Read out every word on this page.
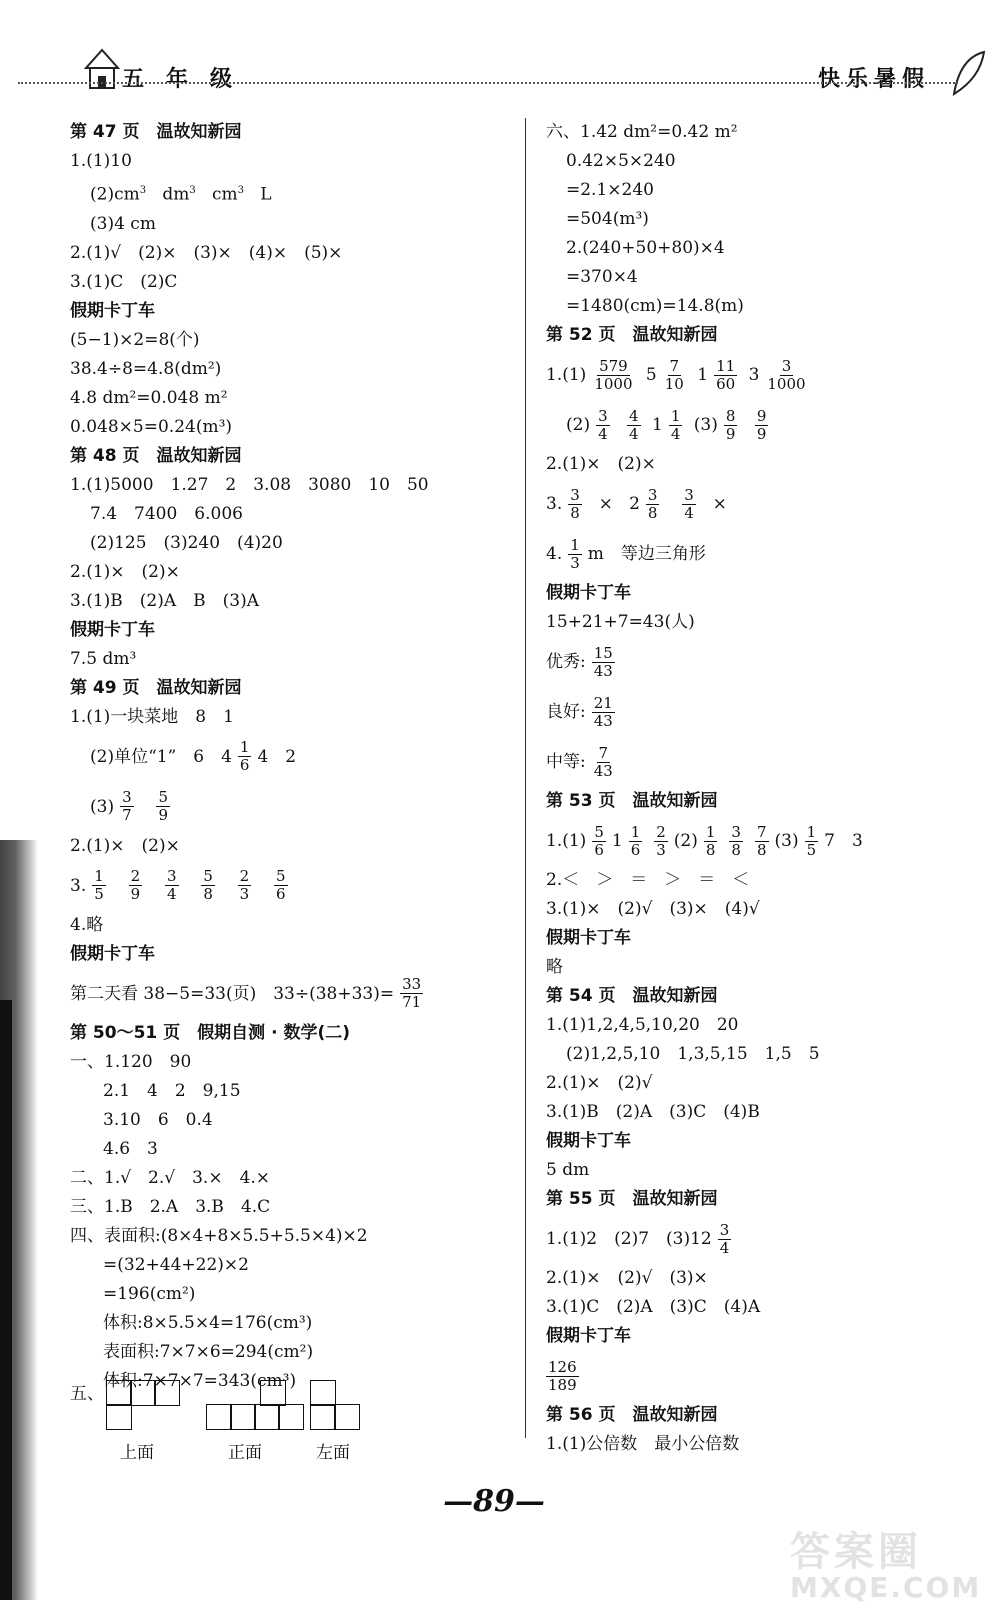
五年级	快乐暑假
第 47 页　温故知新园
1.(1)10
$(2)cm^3$ $dm^3$ $cm^3$ L
(3)4 cm
2.(1)√　(2)×　(3)×　(4)×　(5)×
3.(1)C　(2)C
假期卡丁车
(5−1)×2=8(个)
38.4÷8=4.8(dm²)
4.8 dm²=0.048 m²
0.048×5=0.24(m³)
第 48 页　温故知新园
1.(1)5000　1.27　2　3.08　3080　10　50
7.4　7400　6.006
(2)125　(3)240　(4)20
2.(1)×　(2)×
3.(1)B　(2)A　B　(3)A
假期卡丁车
7.5 dm³
第 49 页　温故知新园
1.(1)一块菜地　8　1
(2)单位“1”　6　$4 \frac{1}{6} 4$　2
$(3) \frac{3}{7}$
$\frac{5}{9}$
2.(1)×　(2)×
3. $\frac{1}{5}$
$\frac{2}{9}$
$\frac{3}{4}$
$\frac{5}{8}$
$\frac{2}{3}$
$\frac{5}{6}$
4.略
假期卡丁车
第二天看 38−5=33(页)　$33\div(38+33)= \frac{33}{71}$
第 50～51 页　假期自测 · 数学(二)
一、1.120　90
2.1　4　2　9,15
3.10　6　0.4
4.6　3
二、1.√　2.√　3.×　4.×
三、1.B　2.A　3.B　4.C
四、表面积:(8×4+8×5.5+5.5×4)×2
=(32+44+22)×2
=196(cm²)
体积:8×5.5×4=176(cm³)
表面积:7×7×6=294(cm²)
体积:7×7×7=343(cm³)
五、
上面	正面	左面
六、1.42 dm²=0.42 m²
0.42×5×240
=2.1×240
=504(m³)
2.(240+50+80)×4
=370×4
=1480(cm)=14.8(m)
第 52 页　温故知新园
$1.(1) \frac{579}{1000}$
$5 \frac{7}{10}$
$1 \frac{11}{60}$
$3 \frac{3}{1000}$
$(2) \frac{3}{4}$
$\frac{4}{4}$
$1 \frac{1}{4}$
$(3) \frac{8}{9}$
$\frac{9}{9}$
2.(1)×　(2)×
3. $\frac{3}{8}$
×
$2 \frac{3}{8}$
$\frac{3}{4}$
×
4. $\frac{1}{3}$ m　等边三角形
假期卡丁车
15+21+7=43(人)
优秀: $\frac{15}{43}$
良好: $\frac{21}{43}$
中等: $\frac{7}{43}$
第 53 页　温故知新园
$1.(1) \frac{5}{6} 1 \frac{1}{6} \frac{2}{3} (2) \frac{1}{8} \frac{3}{8} \frac{7}{8} (3) \frac{1}{5} 7$　3
2.＜　＞　＝　＞　＝　＜
3.(1)×　(2)√　(3)×　(4)√
假期卡丁车
略
第 54 页　温故知新园
1.(1)1,2,4,5,10,20　20
(2)1,2,5,10　1,3,5,15　1,5　5
2.(1)×　(2)√
3.(1)B　(2)A　(3)C　(4)B
假期卡丁车
5 dm
第 55 页　温故知新园
1.(1)2　(2)7　$(3)12 \frac{3}{4}$
2.(1)×　(2)√　(3)×
3.(1)C　(2)A　(3)C　(4)A
假期卡丁车
$\frac{126}{189}$
第 56 页　温故知新园
1.(1)公倍数　最小公倍数
—89—
答案圈
MXQE.COM
